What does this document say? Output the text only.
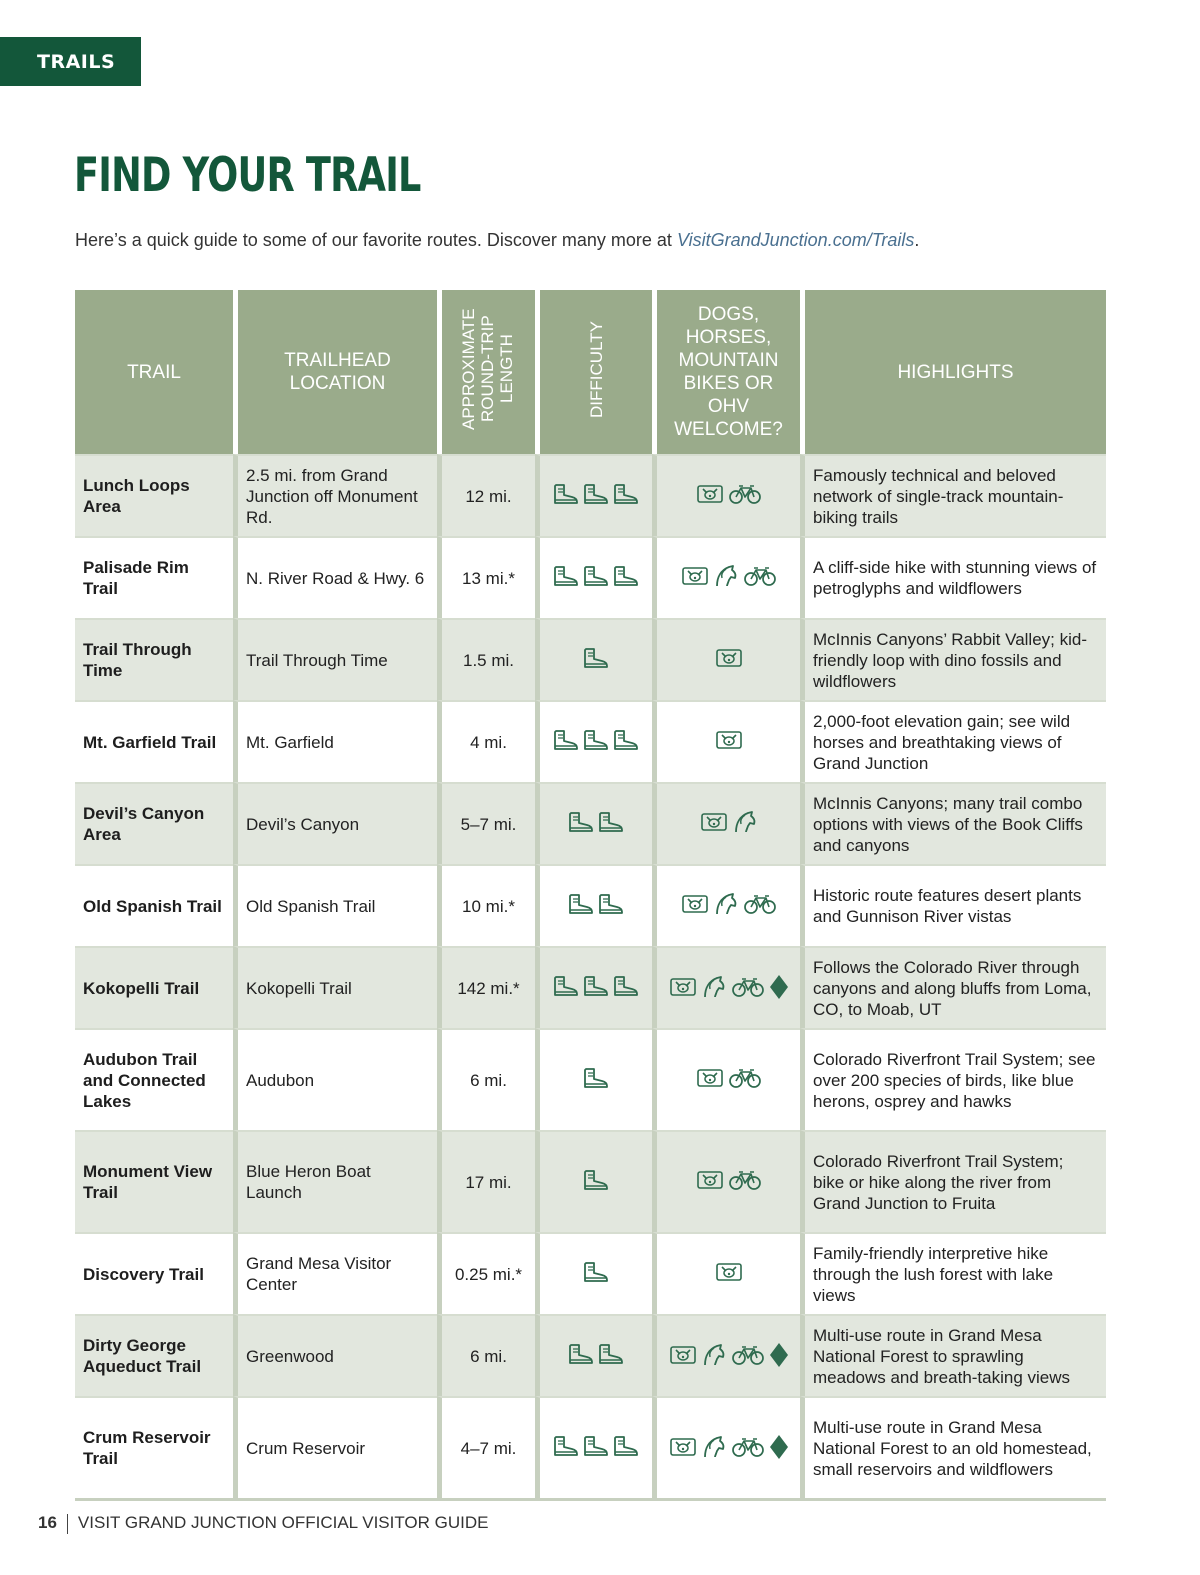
TRAILS
FIND YOUR TRAIL
Here’s a quick guide to some of our favorite routes. Discover many more at VisitGrandJunction.com/Trails.
TRAIL	TRAILHEAD LOCATION	APPROXIMATE ROUND-TRIP LENGTH	DIFFICULTY	DOGS, HORSES, MOUNTAIN BIKES OR OHV WELCOME?	HIGHLIGHTS
Lunch Loops Area	2.5 mi. from Grand Junction off Monument Rd.	12 mi.			Famously technical and beloved network of single-track mountain-biking trails
Palisade Rim Trail	N. River Road & Hwy. 6	13 mi.*			A cliff-side hike with stunning views of petroglyphs and wildflowers
Trail Through Time	Trail Through Time	1.5 mi.			McInnis Canyons’ Rabbit Valley; kid-friendly loop with dino fossils and wildflowers
Mt. Garfield Trail	Mt. Garfield	4 mi.			2,000-foot elevation gain; see wild horses and breathtaking views of Grand Junction
Devil’s Canyon Area	Devil’s Canyon	5–7 mi.			McInnis Canyons; many trail combo options with views of the Book Cliffs and canyons
Old Spanish Trail	Old Spanish Trail	10 mi.*			Historic route features desert plants and Gunnison River vistas
Kokopelli Trail	Kokopelli Trail	142 mi.*			Follows the Colorado River through canyons and along bluffs from Loma, CO, to Moab, UT
Audubon Trail and Connected Lakes	Audubon	6 mi.			Colorado Riverfront Trail System; see over 200 species of birds, like blue herons, osprey and hawks
Monument View Trail	Blue Heron Boat Launch	17 mi.			Colorado Riverfront Trail System; bike or hike along the river from Grand Junction to Fruita
Discovery Trail	Grand Mesa Visitor Center	0.25 mi.*			Family-friendly interpretive hike through the lush forest with lake views
Dirty George Aqueduct Trail	Greenwood	6 mi.			Multi-use route in Grand Mesa National Forest to sprawling meadows and breath-taking views
Crum Reservoir Trail	Crum Reservoir	4–7 mi.			Multi-use route in Grand Mesa National Forest to an old homestead, small reservoirs and wildflowers
16 VISIT GRAND JUNCTION OFFICIAL VISITOR GUIDE
